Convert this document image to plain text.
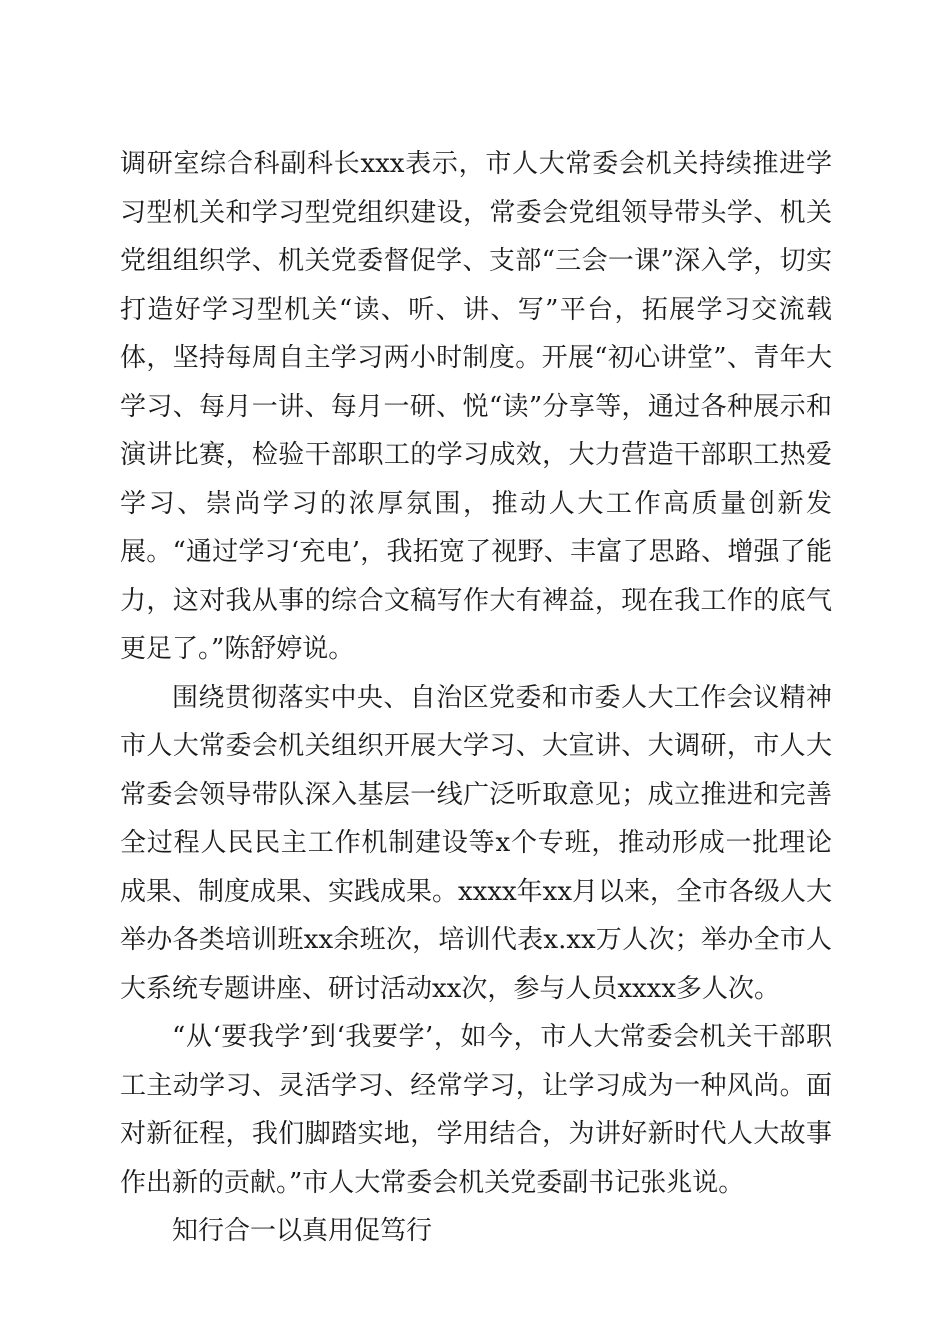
调研室综合科副科长xxx表示，市人大常委会机关持续推进学习型机关和学习型党组织建设，常委会党组领导带头学、机关党组组织学、机关党委督促学、支部“三会一课”深入学，切实打造好学习型机关“读、听、讲、写”平台，拓展学习交流载体，坚持每周自主学习两小时制度。开展“初心讲堂”、青年大学习、每月一讲、每月一研、悦“读”分享等，通过各种展示和演讲比赛，检验干部职工的学习成效，大力营造干部职工热爱学习、崇尚学习的浓厚氛围，推动人大工作高质量创新发展。“通过学习‘充电’，我拓宽了视野、丰富了思路、增强了能力，这对我从事的综合文稿写作大有裨益，现在我工作的底气更足了。”陈舒婷说。

围绕贯彻落实中央、自治区党委和市委人大工作会议精神市人大常委会机关组织开展大学习、大宣讲、大调研，市人大常委会领导带队深入基层一线广泛听取意见；成立推进和完善全过程人民民主工作机制建设等x个专班，推动形成一批理论成果、制度成果、实践成果。xxxx年xx月以来，全市各级人大举办各类培训班xx余班次，培训代表x.xx万人次；举办全市人大系统专题讲座、研讨活动xx次，参与人员xxxx多人次。

“从‘要我学’到‘我要学’，如今，市人大常委会机关干部职工主动学习、灵活学习、经常学习，让学习成为一种风尚。面对新征程，我们脚踏实地，学用结合，为讲好新时代人大故事作出新的贡献。”市人大常委会机关党委副书记张兆说。

知行合一以真用促笃行
